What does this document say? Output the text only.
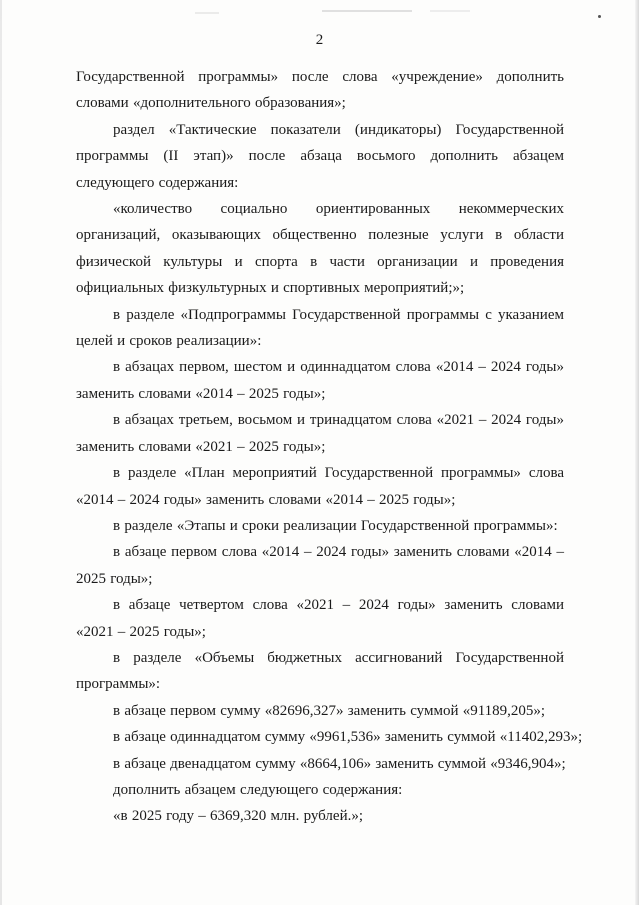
2
Государственной программы» после слова «учреждение» дополнить
словами «дополнительного образования»;
раздел «Тактические показатели (индикаторы) Государственной
программы (II этап)» после абзаца восьмого дополнить абзацем
следующего содержания:
«количество социально ориентированных некоммерческих
организаций, оказывающих общественно полезные услуги в области
физической культуры и спорта в части организации и проведения
официальных физкультурных и спортивных мероприятий;»;
в разделе «Подпрограммы Государственной программы с указанием
целей и сроков реализации»:
в абзацах первом, шестом и одиннадцатом слова «2014 – 2024 годы»
заменить словами «2014 – 2025 годы»;
в абзацах третьем, восьмом и тринадцатом слова «2021 – 2024 годы»
заменить словами «2021 – 2025 годы»;
в разделе «План мероприятий Государственной программы» слова
«2014 – 2024 годы» заменить словами «2014 – 2025 годы»;
в разделе «Этапы и сроки реализации Государственной программы»:
в абзаце первом слова «2014 – 2024 годы» заменить словами «2014 –
2025 годы»;
в абзаце четвертом слова «2021 – 2024 годы» заменить словами
«2021 – 2025 годы»;
в разделе «Объемы бюджетных ассигнований Государственной
программы»:
в абзаце первом сумму «82696,327» заменить суммой «91189,205»;
в абзаце одиннадцатом сумму «9961,536» заменить суммой «11402,293»;
в абзаце двенадцатом сумму «8664,106» заменить суммой «9346,904»;
дополнить абзацем следующего содержания:
«в 2025 году – 6369,320 млн. рублей.»;
